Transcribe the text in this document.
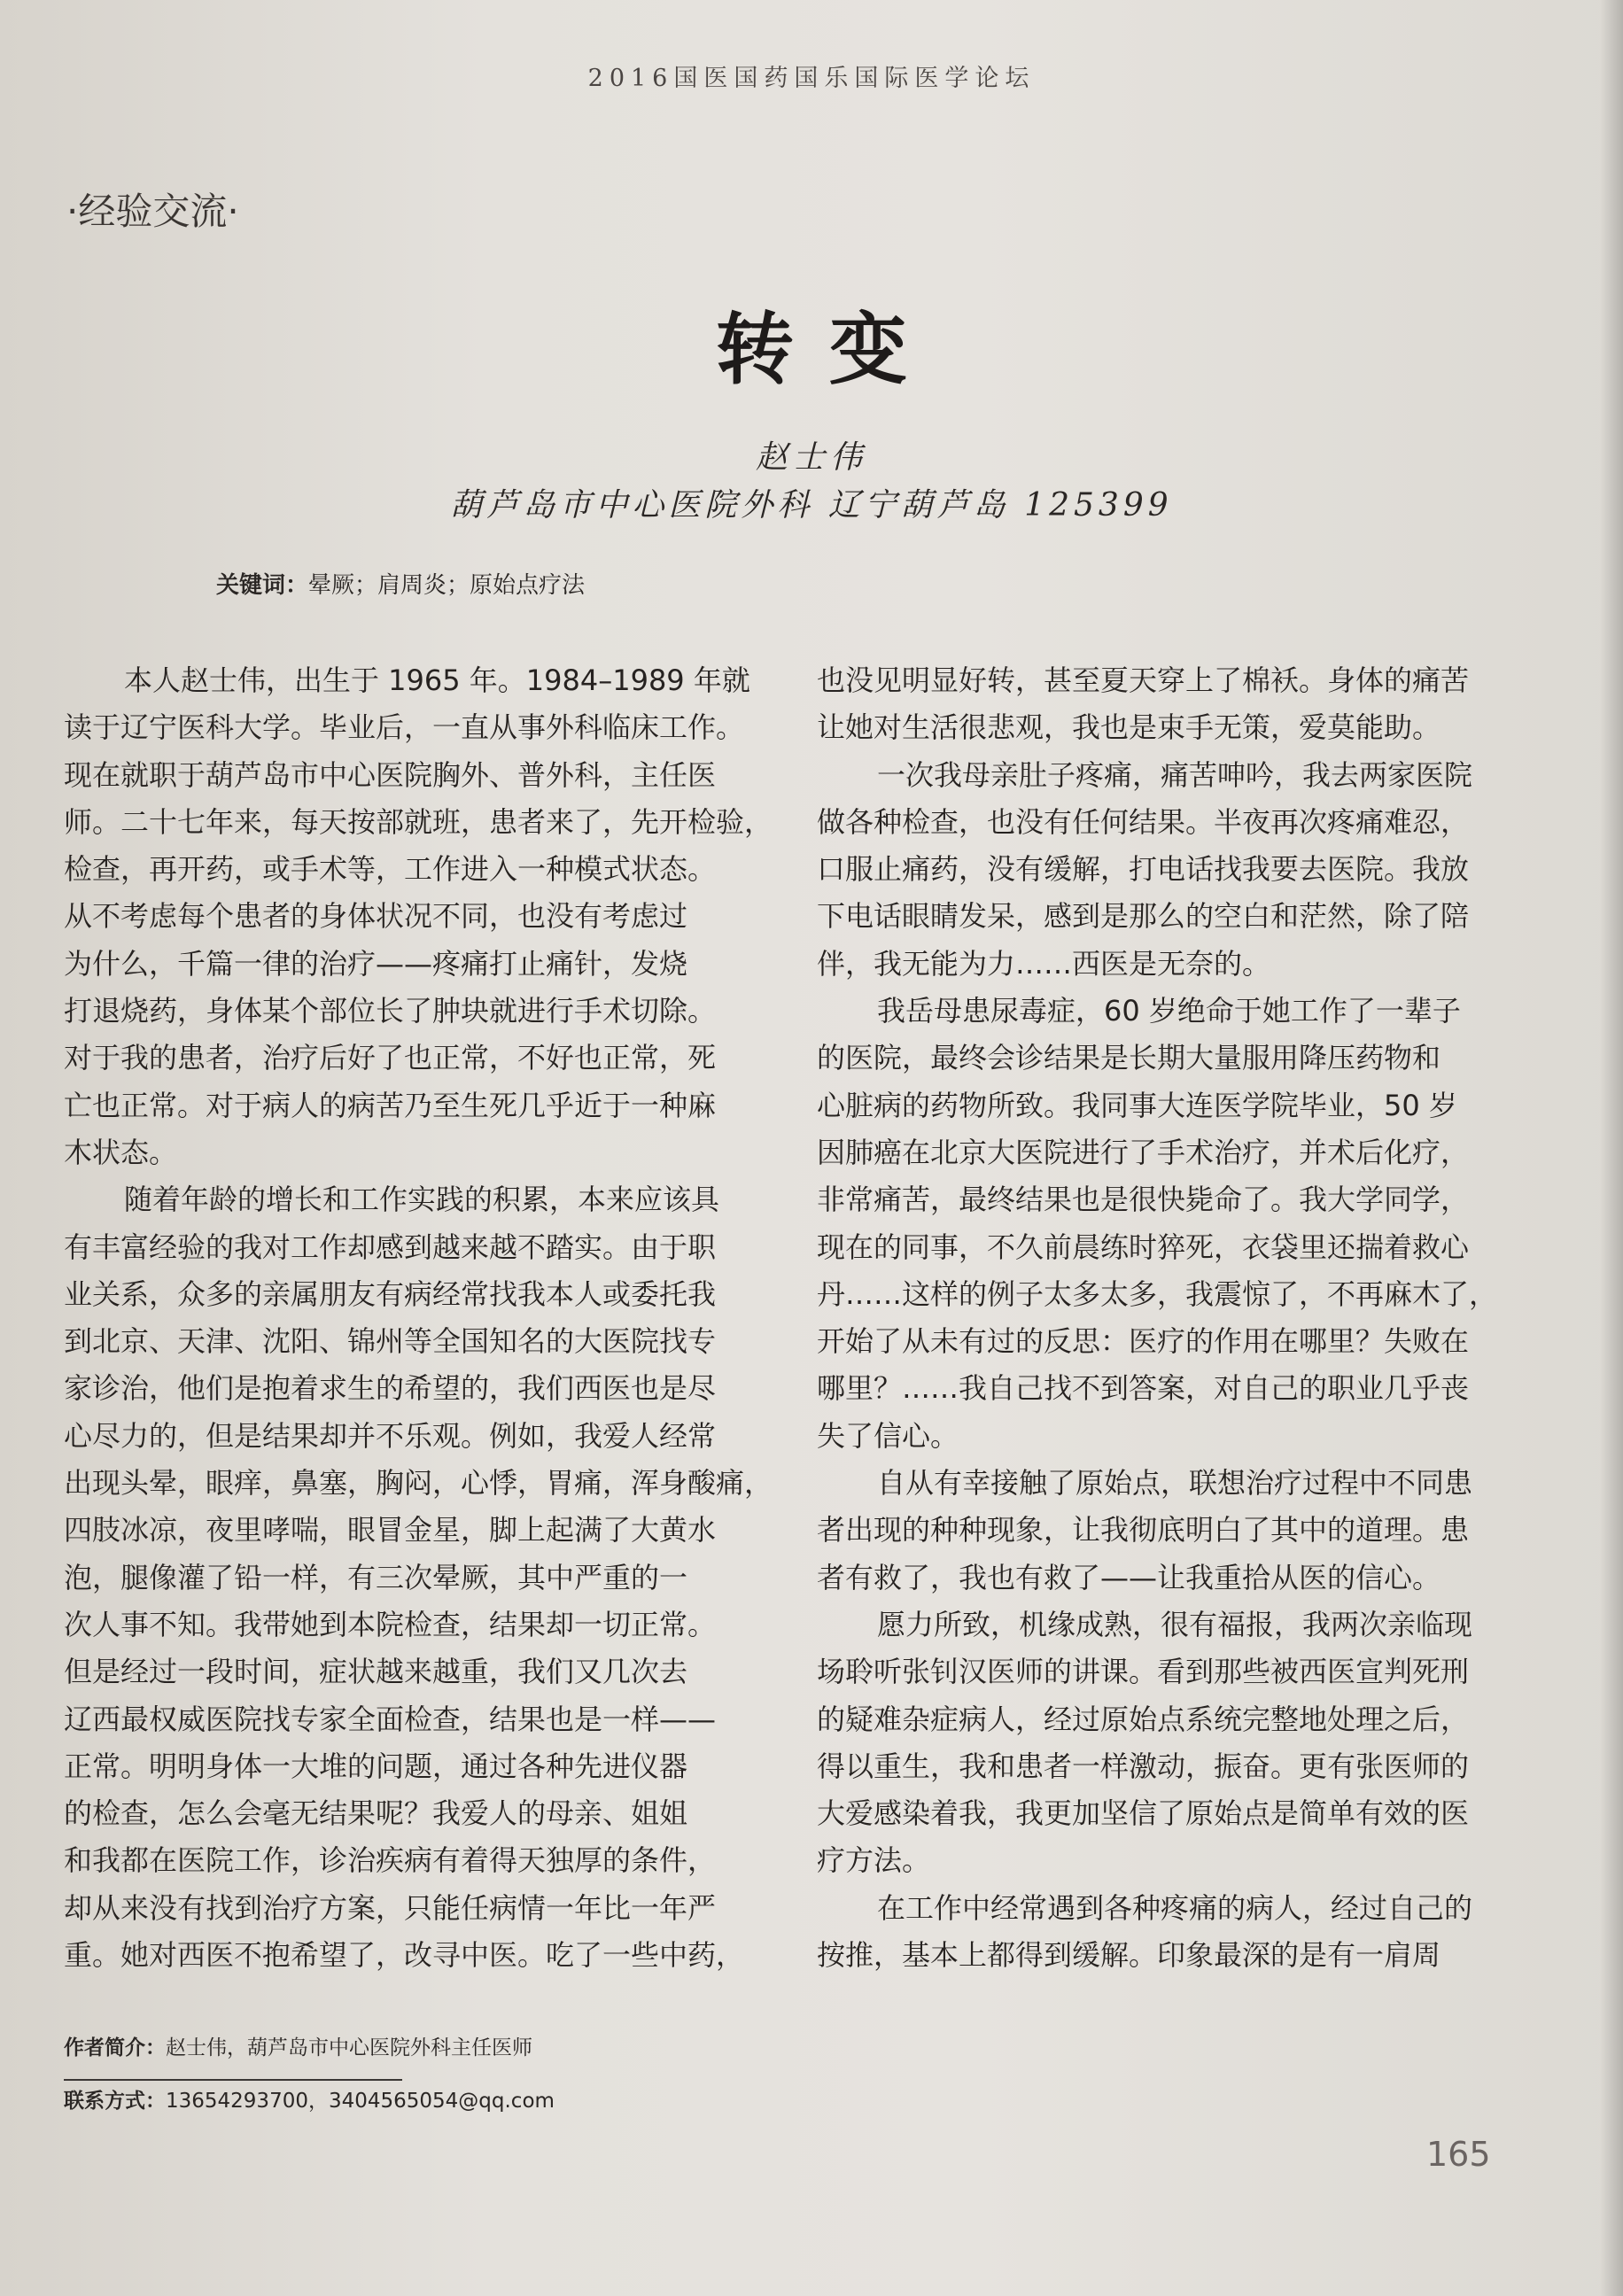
2016国医国药国乐国际医学论坛
·经验交流·
转变
赵士伟
葫芦岛市中心医院外科 辽宁葫芦岛 125399
关键词：晕厥；肩周炎；原始点疗法
本人赵士伟，出生于 1965 年。1984–1989 年就
读于辽宁医科大学。毕业后，一直从事外科临床工作。
现在就职于葫芦岛市中心医院胸外、普外科，主任医
师。二十七年来，每天按部就班，患者来了，先开检验，
检查，再开药，或手术等，工作进入一种模式状态。
从不考虑每个患者的身体状况不同，也没有考虑过
为什么，千篇一律的治疗——疼痛打止痛针，发烧
打退烧药，身体某个部位长了肿块就进行手术切除。
对于我的患者，治疗后好了也正常，不好也正常，死
亡也正常。对于病人的病苦乃至生死几乎近于一种麻
木状态。
随着年龄的增长和工作实践的积累，本来应该具
有丰富经验的我对工作却感到越来越不踏实。由于职
业关系，众多的亲属朋友有病经常找我本人或委托我
到北京、天津、沈阳、锦州等全国知名的大医院找专
家诊治，他们是抱着求生的希望的，我们西医也是尽
心尽力的，但是结果却并不乐观。例如，我爱人经常
出现头晕，眼痒，鼻塞，胸闷，心悸，胃痛，浑身酸痛，
四肢冰凉，夜里哮喘，眼冒金星，脚上起满了大黄水
泡，腿像灌了铅一样，有三次晕厥，其中严重的一
次人事不知。我带她到本院检查，结果却一切正常。
但是经过一段时间，症状越来越重，我们又几次去
辽西最权威医院找专家全面检查，结果也是一样——
正常。明明身体一大堆的问题，通过各种先进仪器
的检查，怎么会毫无结果呢？我爱人的母亲、姐姐
和我都在医院工作，诊治疾病有着得天独厚的条件，
却从来没有找到治疗方案，只能任病情一年比一年严
重。她对西医不抱希望了，改寻中医。吃了一些中药，
也没见明显好转，甚至夏天穿上了棉袄。身体的痛苦
让她对生活很悲观，我也是束手无策，爱莫能助。
一次我母亲肚子疼痛，痛苦呻吟，我去两家医院
做各种检查，也没有任何结果。半夜再次疼痛难忍，
口服止痛药，没有缓解，打电话找我要去医院。我放
下电话眼睛发呆，感到是那么的空白和茫然，除了陪
伴，我无能为力……西医是无奈的。
我岳母患尿毒症，60 岁绝命于她工作了一辈子
的医院，最终会诊结果是长期大量服用降压药物和
心脏病的药物所致。我同事大连医学院毕业，50 岁
因肺癌在北京大医院进行了手术治疗，并术后化疗，
非常痛苦，最终结果也是很快毙命了。我大学同学，
现在的同事，不久前晨练时猝死，衣袋里还揣着救心
丹……这样的例子太多太多，我震惊了，不再麻木了，
开始了从未有过的反思：医疗的作用在哪里？失败在
哪里？……我自己找不到答案，对自己的职业几乎丧
失了信心。
自从有幸接触了原始点，联想治疗过程中不同患
者出现的种种现象，让我彻底明白了其中的道理。患
者有救了，我也有救了——让我重拾从医的信心。
愿力所致，机缘成熟，很有福报，我两次亲临现
场聆听张钊汉医师的讲课。看到那些被西医宣判死刑
的疑难杂症病人，经过原始点系统完整地处理之后，
得以重生，我和患者一样激动，振奋。更有张医师的
大爱感染着我，我更加坚信了原始点是简单有效的医
疗方法。
在工作中经常遇到各种疼痛的病人，经过自己的
按推，基本上都得到缓解。印象最深的是有一肩周
作者简介：赵士伟，葫芦岛市中心医院外科主任医师
联系方式：13654293700，3404565054@qq.com
165
